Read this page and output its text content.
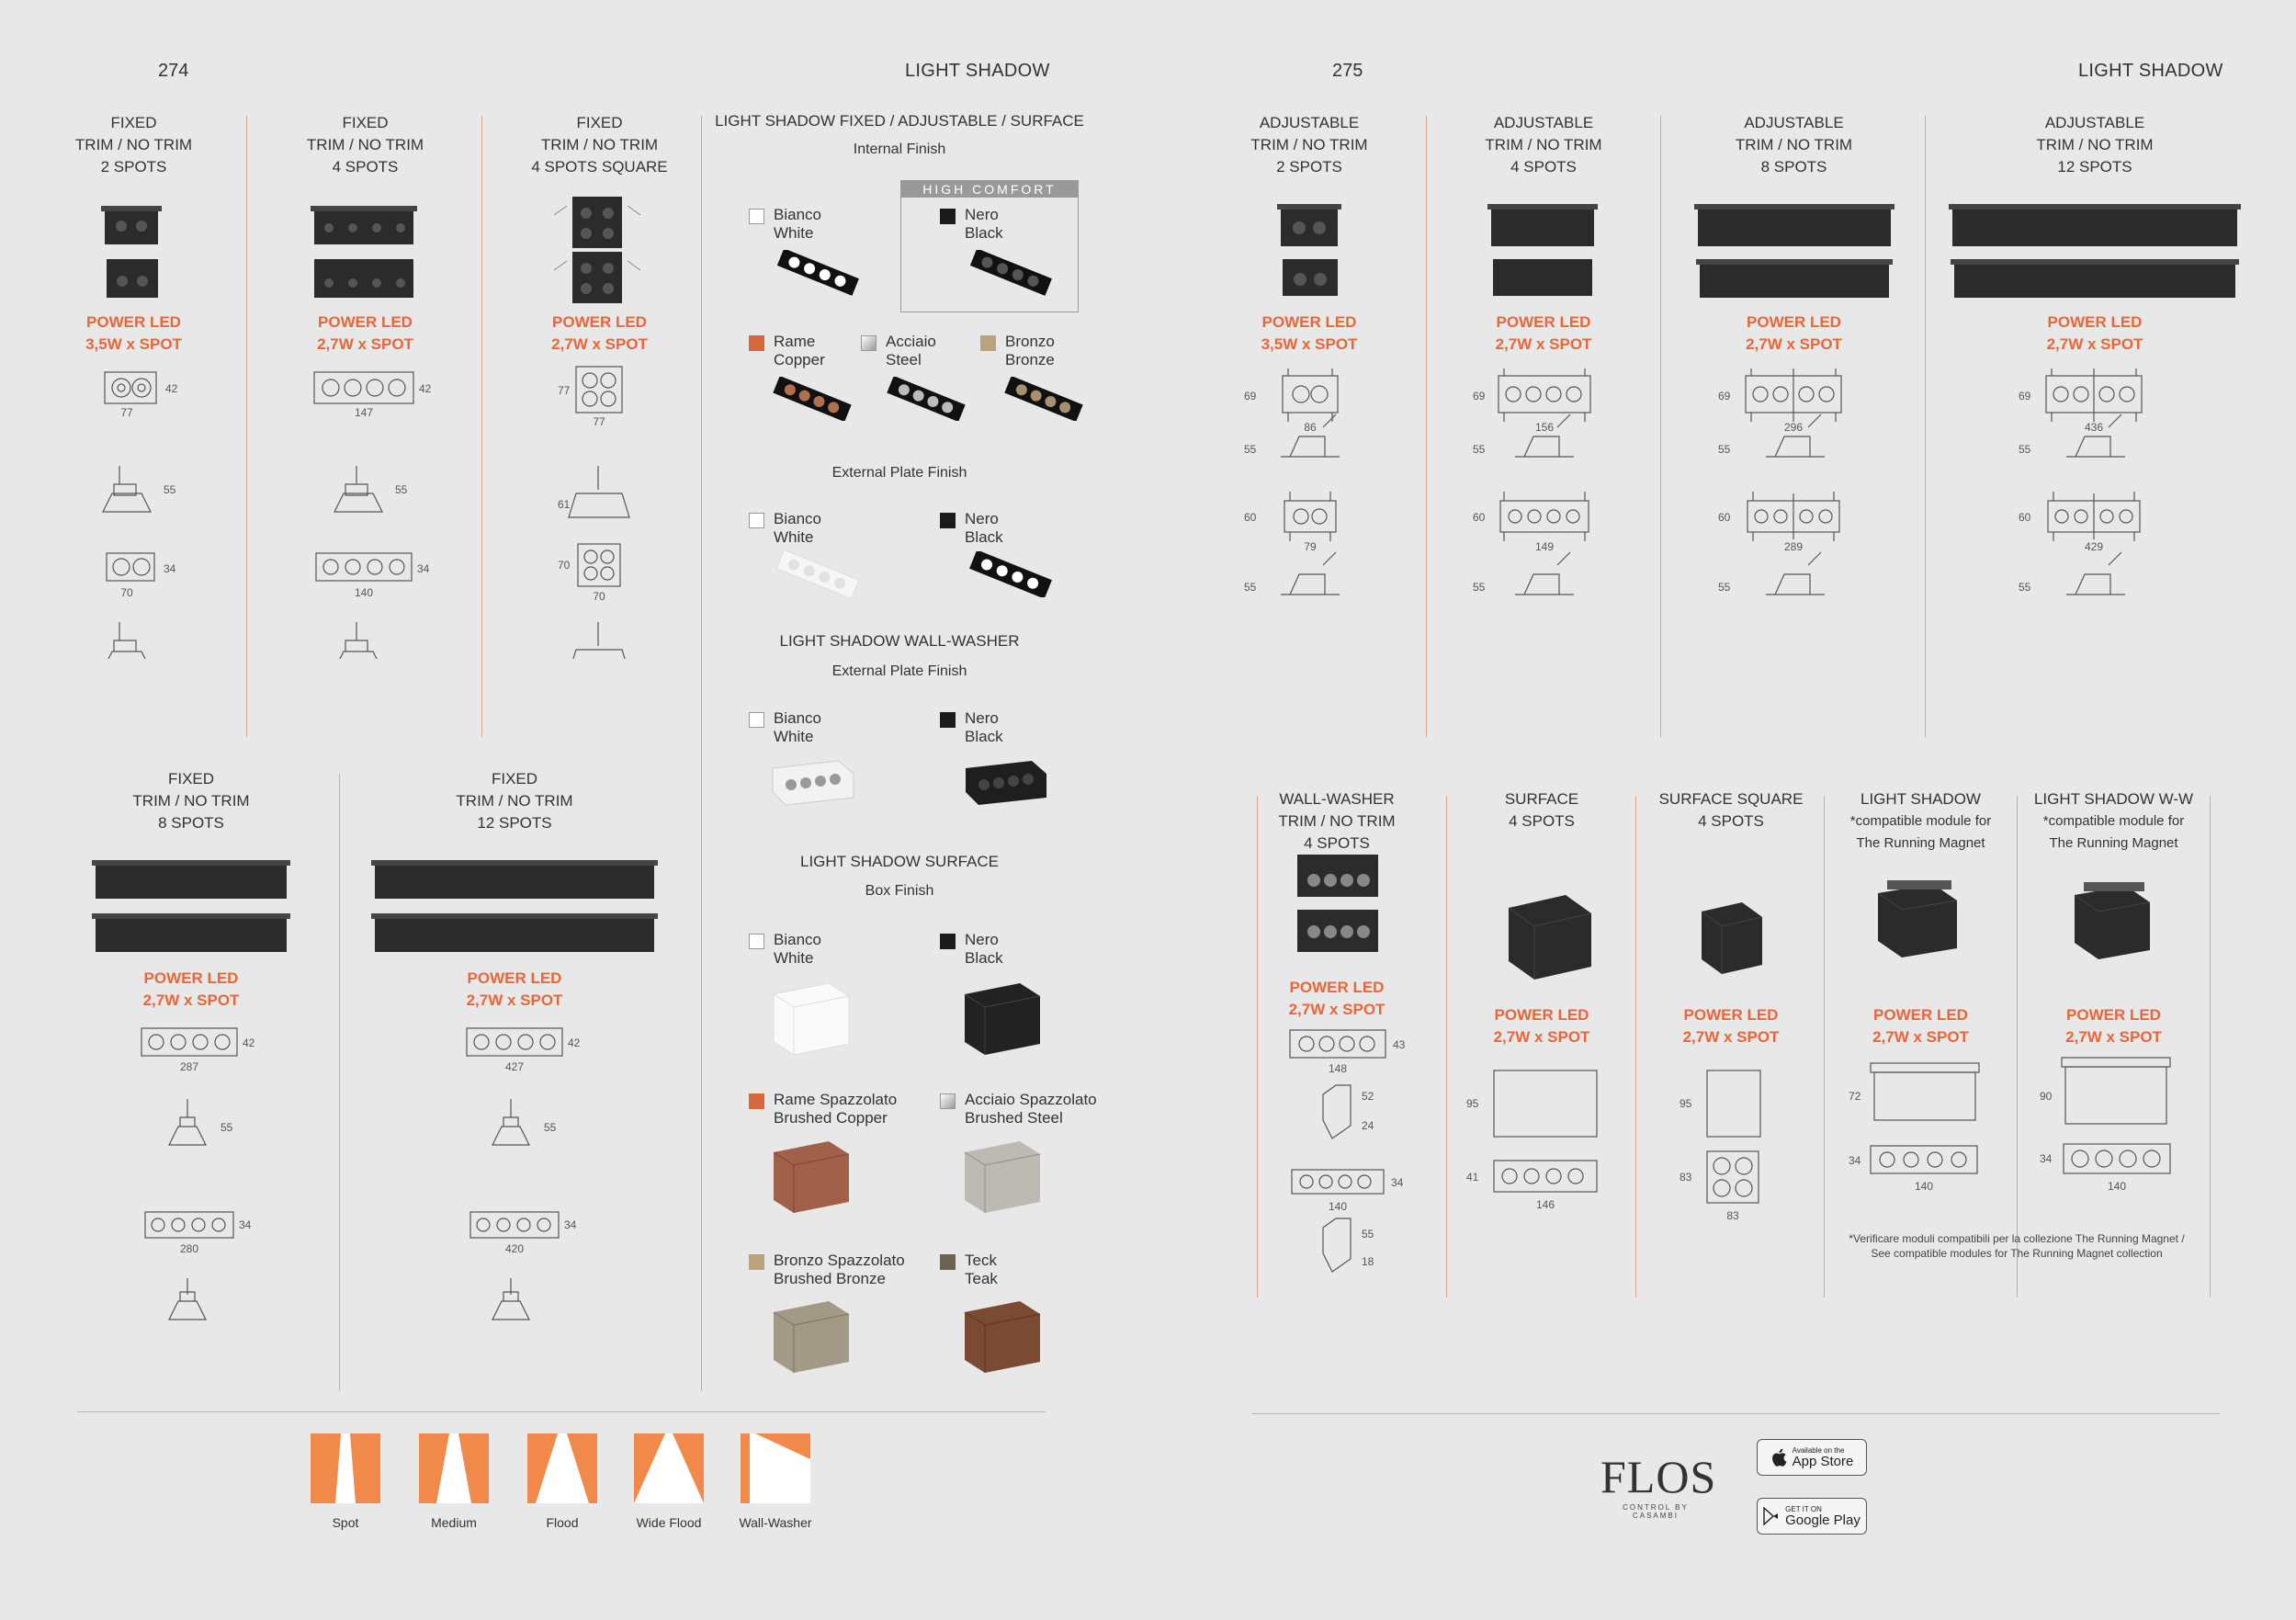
274	LIGHT SHADOW	275	LIGHT SHADOW
FIXED
TRIM / NO TRIM
2 SPOTS
POWER LED
3,5W x SPOT
77
42
55
70
34
FIXED
TRIM / NO TRIM
4 SPOTS
POWER LED
2,7W x SPOT
147
42
55
140
34
FIXED
TRIM / NO TRIM
4 SPOTS SQUARE
POWER LED
2,7W x SPOT
77
77
61
70
70
FIXED
TRIM / NO TRIM
8 SPOTS
POWER LED
2,7W x SPOT
287
42
55
280
34
FIXED
TRIM / NO TRIM
12 SPOTS
POWER LED
2,7W x SPOT
427
42
55
420
34
LIGHT SHADOW FIXED / ADJUSTABLE / SURFACE
Internal Finish
Bianco
White
HIGH COMFORT
Nero
Black
Rame
Copper
Acciaio
Steel
Bronzo
Bronze
External Plate Finish
Bianco
White
Nero
Black
LIGHT SHADOW WALL-WASHER
External Plate Finish
Bianco
White
Nero
Black
LIGHT SHADOW SURFACE
Box Finish
Bianco
White
Nero
Black
Rame Spazzolato
Brushed Copper
Acciaio Spazzolato
Brushed Steel
Bronzo Spazzolato
Brushed Bronze
Teck
Teak
Spot	Medium	Flood	Wide Flood	Wall-Washer
ADJUSTABLE
TRIM / NO TRIM
2 SPOTS
POWER LED
3,5W x SPOT
69
86
55
60
79
55
ADJUSTABLE
TRIM / NO TRIM
4 SPOTS
POWER LED
2,7W x SPOT
69
156
55
60
149
55
ADJUSTABLE
TRIM / NO TRIM
8 SPOTS
POWER LED
2,7W x SPOT
69
296
55
60
289
55
ADJUSTABLE
TRIM / NO TRIM
12 SPOTS
POWER LED
2,7W x SPOT
69
436
55
60
429
55
WALL-WASHER
TRIM / NO TRIM
4 SPOTS
POWER LED
2,7W x SPOT
148
43
52
24
140
34
55
18
SURFACE
4 SPOTS
POWER LED
2,7W x SPOT
95
41
146
SURFACE SQUARE
4 SPOTS
POWER LED
2,7W x SPOT
95
83
83
LIGHT SHADOW
*compatible module for
The Running Magnet
POWER LED
2,7W x SPOT
72
34
140
LIGHT SHADOW W-W
*compatible module for
The Running Magnet
POWER LED
2,7W x SPOT
90
34
140
*Verificare moduli compatibili per la collezione The Running Magnet /
See compatible modules for The Running Magnet collection
FLOS
CONTROL BY CASAMBI
Available on the
App Store
GET IT ON
Google Play
